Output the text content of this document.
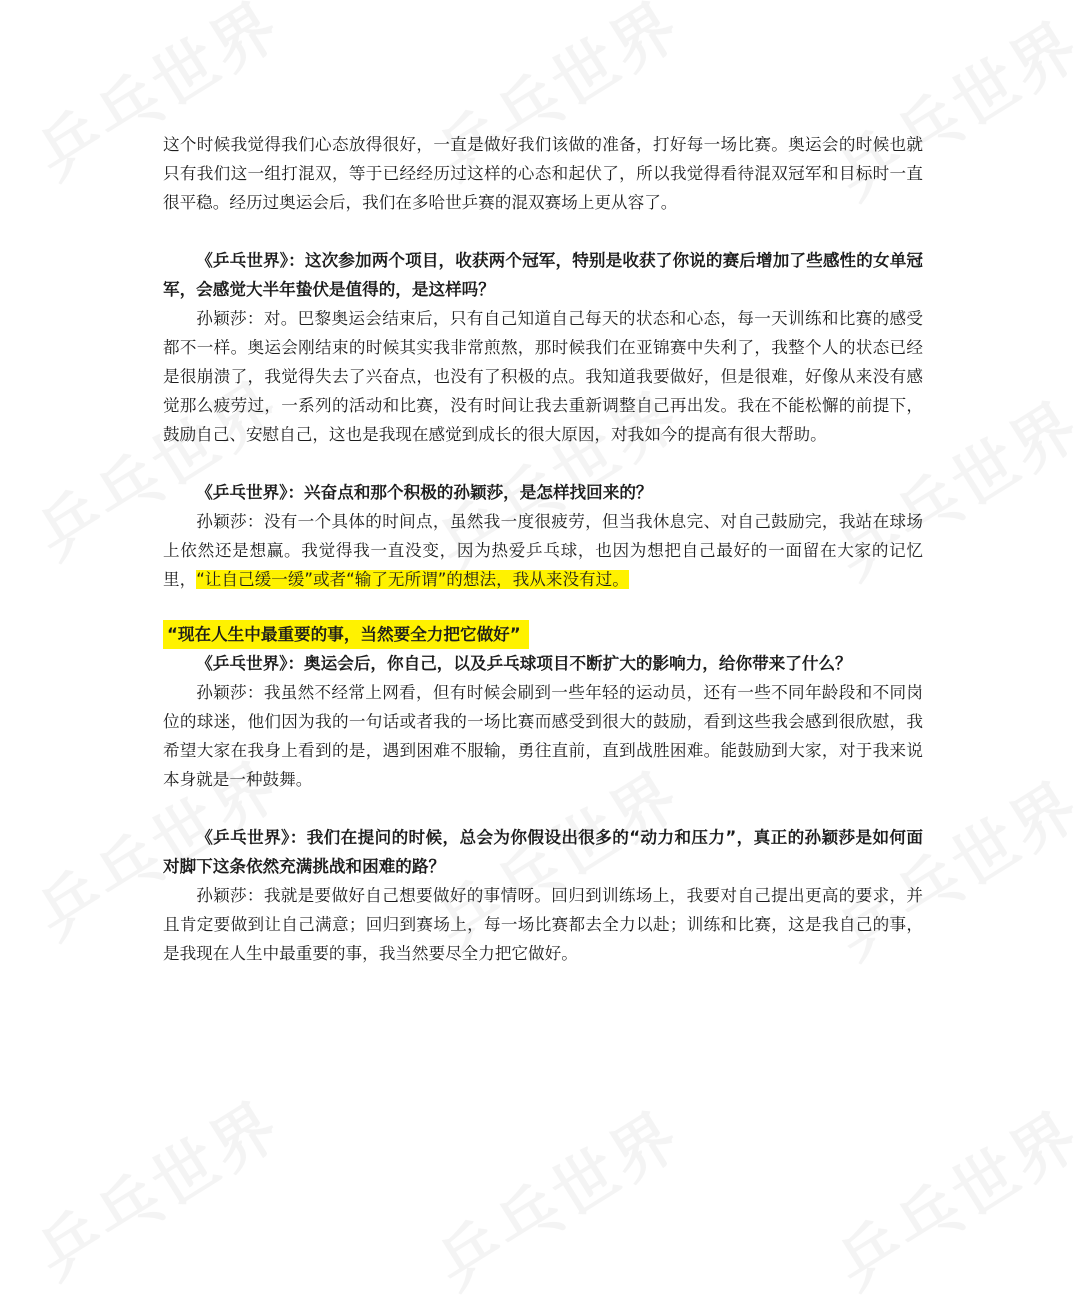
这个时候我觉得我们心态放得很好，一直是做好我们该做的准备，打好每一场比赛。奥运会的时候也就只有我们这一组打混双，等于已经经历过这样的心态和起伏了，所以我觉得看待混双冠军和目标时一直很平稳。经历过奥运会后，我们在多哈世乒赛的混双赛场上更从容了。

《乒乓世界》：这次参加两个项目，收获两个冠军，特别是收获了你说的赛后增加了些感性的女单冠军，会感觉大半年蛰伏是值得的，是这样吗？

孙颖莎：对。巴黎奥运会结束后，只有自己知道自己每天的状态和心态，每一天训练和比赛的感受都不一样。奥运会刚结束的时候其实我非常煎熬，那时候我们在亚锦赛中失利了，我整个人的状态已经是很崩溃了，我觉得失去了兴奋点，也没有了积极的点。我知道我要做好，但是很难，好像从来没有感觉那么疲劳过，一系列的活动和比赛，没有时间让我去重新调整自己再出发。我在不能松懈的前提下，鼓励自己、安慰自己，这也是我现在感觉到成长的很大原因，对我如今的提高有很大帮助。

《乒乓世界》：兴奋点和那个积极的孙颖莎，是怎样找回来的？

孙颖莎：没有一个具体的时间点，虽然我一度很疲劳，但当我休息完、对自己鼓励完，我站在球场上依然还是想赢。我觉得我一直没变，因为热爱乒乓球，也因为想把自己最好的一面留在大家的记忆里，“让自己缓一缓”或者“输了无所谓”的想法，我从来没有过。

“现在人生中最重要的事，当然要全力把它做好”

《乒乓世界》：奥运会后，你自己，以及乒乓球项目不断扩大的影响力，给你带来了什么？

孙颖莎：我虽然不经常上网看，但有时候会刷到一些年轻的运动员，还有一些不同年龄段和不同岗位的球迷，他们因为我的一句话或者我的一场比赛而感受到很大的鼓励，看到这些我会感到很欣慰，我希望大家在我身上看到的是，遇到困难不服输，勇往直前，直到战胜困难。能鼓励到大家，对于我来说本身就是一种鼓舞。

《乒乓世界》：我们在提问的时候，总会为你假设出很多的“动力和压力”，真正的孙颖莎是如何面对脚下这条依然充满挑战和困难的路？

孙颖莎：我就是要做好自己想要做好的事情呀。回归到训练场上，我要对自己提出更高的要求，并且肯定要做到让自己满意；回归到赛场上，每一场比赛都去全力以赴；训练和比赛，这是我自己的事，是我现在人生中最重要的事，我当然要尽全力把它做好。
